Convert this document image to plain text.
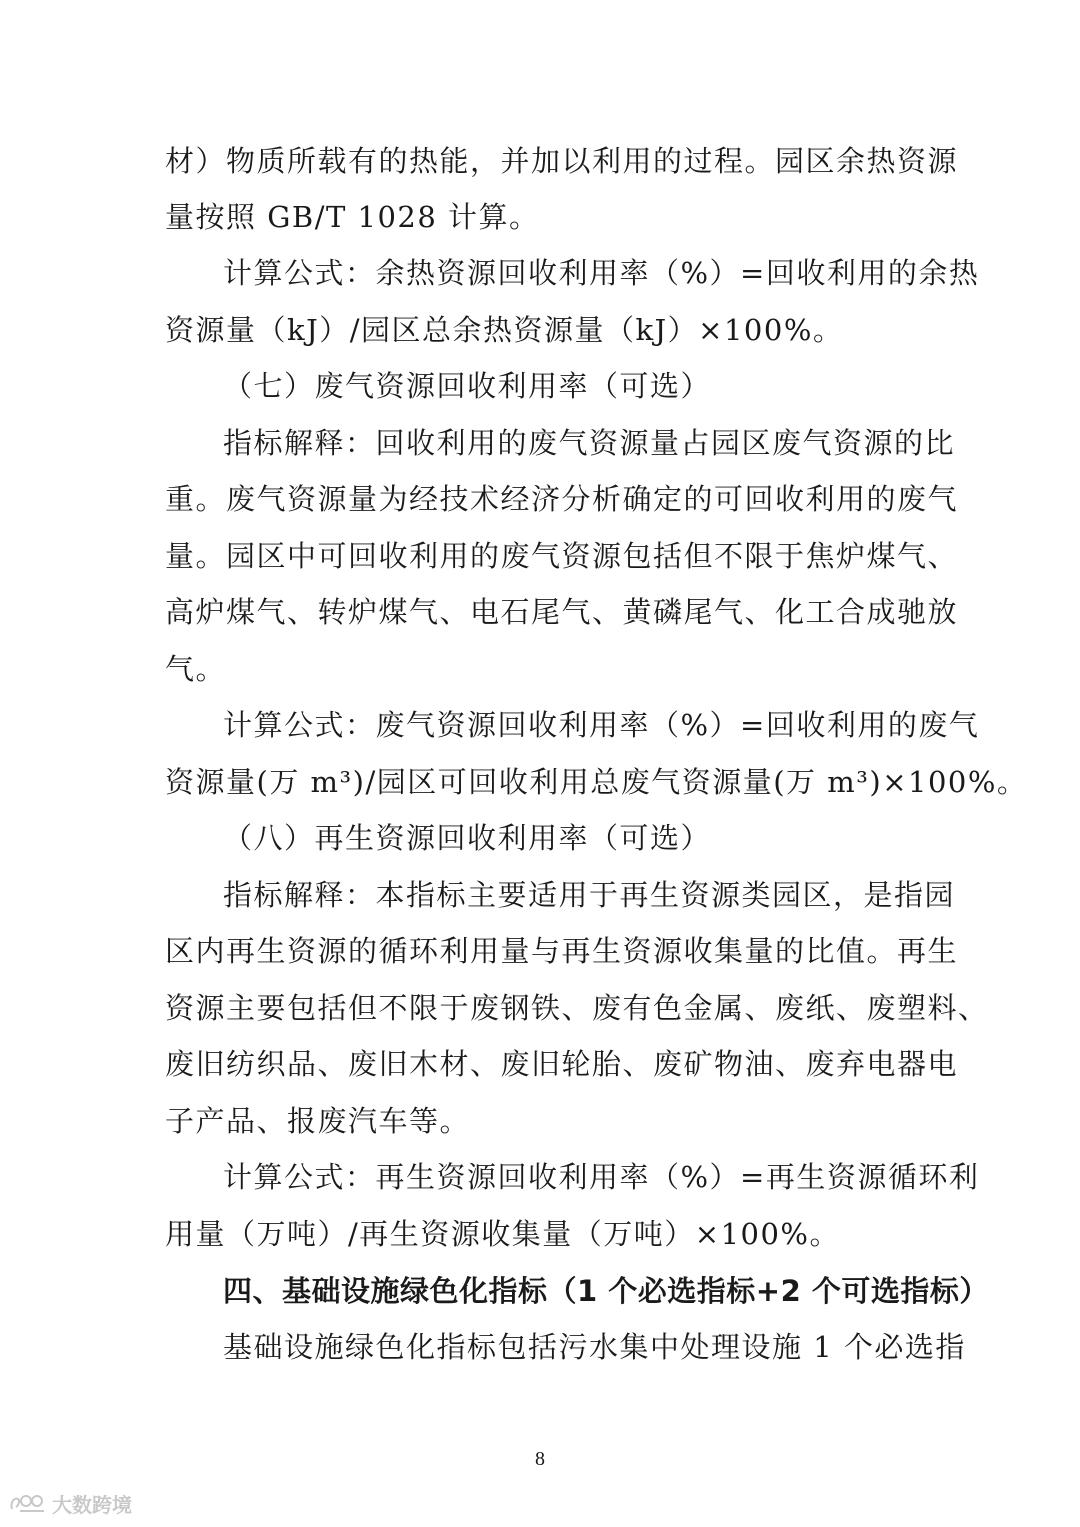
材）物质所载有的热能，并加以利用的过程。园区余热资源
量按照 GB/T 1028 计算。
计算公式：余热资源回收利用率（%）=回收利用的余热
资源量（kJ）/园区总余热资源量（kJ）×100%。
（七）废气资源回收利用率（可选）
指标解释：回收利用的废气资源量占园区废气资源的比
重。废气资源量为经技术经济分析确定的可回收利用的废气
量。园区中可回收利用的废气资源包括但不限于焦炉煤气、
高炉煤气、转炉煤气、电石尾气、黄磷尾气、化工合成驰放
气。
计算公式：废气资源回收利用率（%）=回收利用的废气
资源量(万 m³)/园区可回收利用总废气资源量(万 m³)×100%。
（八）再生资源回收利用率（可选）
指标解释：本指标主要适用于再生资源类园区，是指园
区内再生资源的循环利用量与再生资源收集量的比值。再生
资源主要包括但不限于废钢铁、废有色金属、废纸、废塑料、
废旧纺织品、废旧木材、废旧轮胎、废矿物油、废弃电器电
子产品、报废汽车等。
计算公式：再生资源回收利用率（%）=再生资源循环利
用量（万吨）/再生资源收集量（万吨）×100%。
四、基础设施绿色化指标（1 个必选指标+2 个可选指标）
基础设施绿色化指标包括污水集中处理设施 1 个必选指
8
大数跨境
